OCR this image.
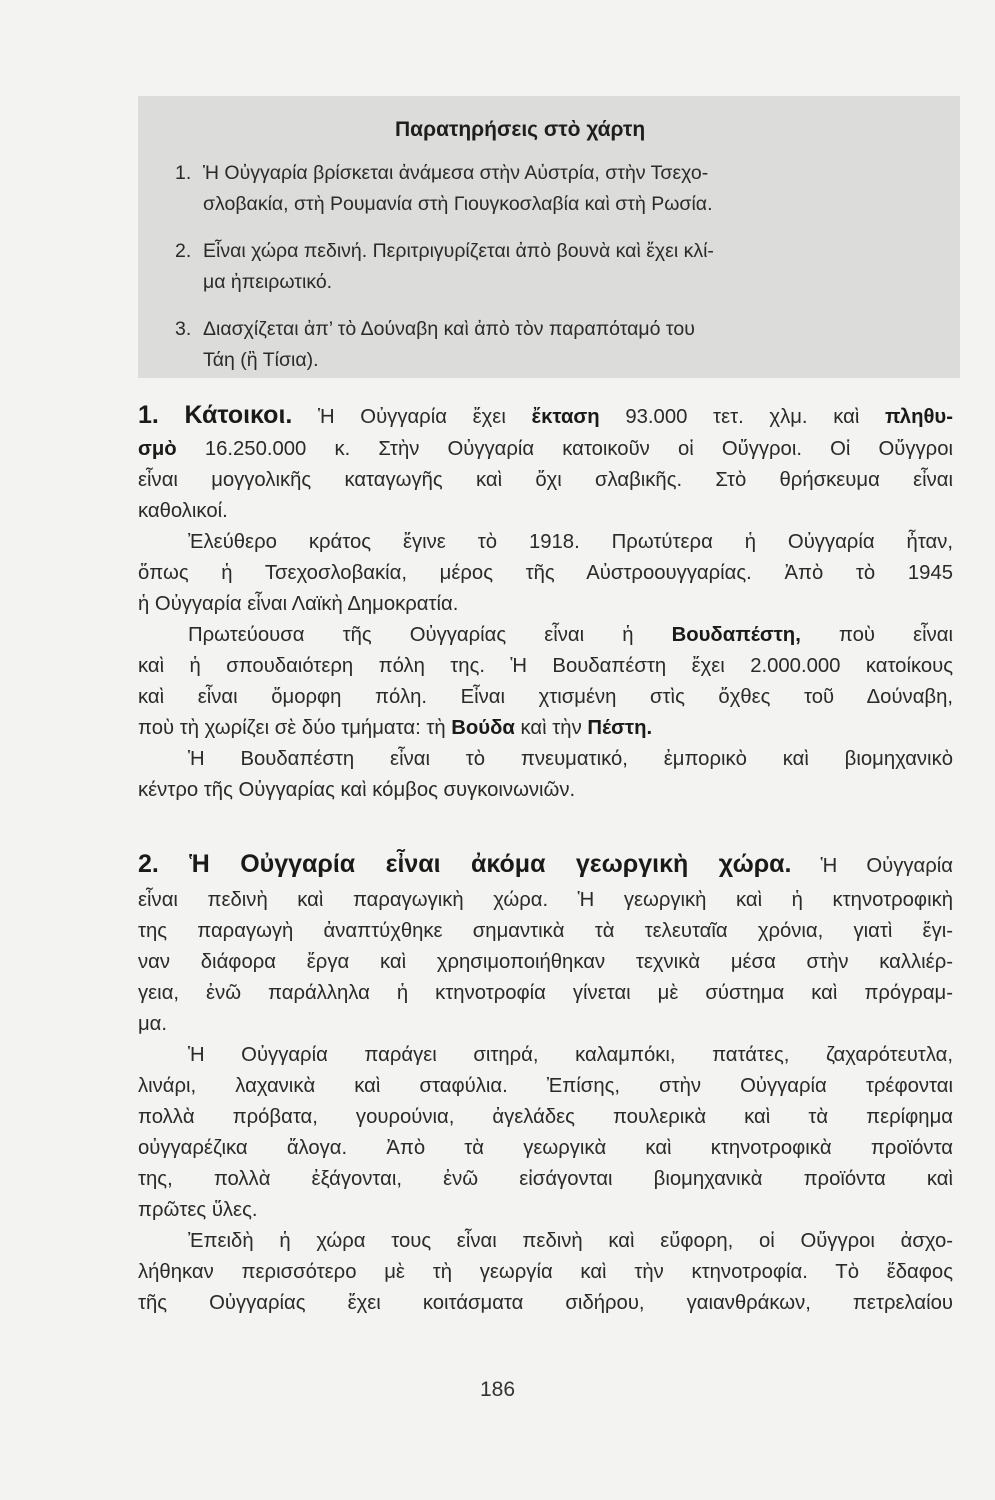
Παρατηρήσεις στὸ χάρτη
1. Ἡ Οὐγγαρία βρίσκεται ἀνάμεσα στὴν Αὐστρία, στὴν Τσεχο-
σλοβακία, στὴ Ρουμανία στὴ Γιουγκοσλαβία καὶ στὴ Ρωσία.
2. Εἶναι χώρα πεδινή. Περιτριγυρίζεται ἀπὸ βουνὰ καὶ ἔχει κλί-
μα ἠπειρωτικό.
3. Διασχίζεται ἀπ’ τὸ Δούναβη καὶ ἀπὸ τὸν παραπόταμό του
Τάη (ἢ Τίσια).
1. Κάτοικοι. Ἡ Οὐγγαρία ἔχει ἔκταση 93.000 τετ. χλμ. καὶ πληθυ-
σμὸ 16.250.000 κ. Στὴν Οὐγγαρία κατοικοῦν οἱ Οὔγγροι. Οἱ Οὔγγροι
εἶναι μογγολικῆς καταγωγῆς καὶ ὄχι σλαβικῆς. Στὸ θρήσκευμα εἶναι
καθολικοί.
Ἐλεύθερο κράτος ἔγινε τὸ 1918. Πρωτύτερα ἡ Οὐγγαρία ἦταν,
ὅπως ἡ Τσεχοσλοβακία, μέρος τῆς Αὐστροουγγαρίας. Ἀπὸ τὸ 1945
ἡ Οὐγγαρία εἶναι Λαϊκὴ Δημοκρατία.
Πρωτεύουσα τῆς Οὐγγαρίας εἶναι ἡ Βουδαπέστη, ποὺ εἶναι
καὶ ἡ σπουδαιότερη πόλη της. Ἡ Βουδαπέστη ἔχει 2.000.000 κατοίκους
καὶ εἶναι ὄμορφη πόλη. Εἶναι χτισμένη στὶς ὄχθες τοῦ Δούναβη,
ποὺ τὴ χωρίζει σὲ δύο τμήματα: τὴ Βούδα καὶ τὴν Πέστη.
Ἡ Βουδαπέστη εἶναι τὸ πνευματικό, ἐμπορικὸ καὶ βιομηχανικὸ
κέντρο τῆς Οὐγγαρίας καὶ κόμβος συγκοινωνιῶν.
2. Ἡ Οὐγγαρία εἶναι ἀκόμα γεωργικὴ χώρα. Ἡ Οὐγγαρία
εἶναι πεδινὴ καὶ παραγωγικὴ χώρα. Ἡ γεωργικὴ καὶ ἡ κτηνοτροφικὴ
της παραγωγὴ ἀναπτύχθηκε σημαντικὰ τὰ τελευταῖα χρόνια, γιατὶ ἔγι-
ναν διάφορα ἔργα καὶ χρησιμοποιήθηκαν τεχνικὰ μέσα στὴν καλλιέρ-
γεια, ἐνῶ παράλληλα ἡ κτηνοτροφία γίνεται μὲ σύστημα καὶ πρόγραμ-
μα.
Ἡ Οὐγγαρία παράγει σιτηρά, καλαμπόκι, πατάτες, ζαχαρότευτλα,
λινάρι, λαχανικὰ καὶ σταφύλια. Ἐπίσης, στὴν Οὐγγαρία τρέφονται
πολλὰ πρόβατα, γουρούνια, ἀγελάδες πουλερικὰ καὶ τὰ περίφημα
οὐγγαρέζικα ἄλογα. Ἀπὸ τὰ γεωργικὰ καὶ κτηνοτροφικὰ προϊόντα
της, πολλὰ ἐξάγονται, ἐνῶ εἰσάγονται βιομηχανικὰ προϊόντα καὶ
πρῶτες ὕλες.
Ἐπειδὴ ἡ χώρα τους εἶναι πεδινὴ καὶ εὔφορη, οἱ Οὔγγροι ἀσχο-
λήθηκαν περισσότερο μὲ τὴ γεωργία καὶ τὴν κτηνοτροφία. Τὸ ἔδαφος
τῆς Οὐγγαρίας ἔχει κοιτάσματα σιδήρου, γαιανθράκων, πετρελαίου
186
